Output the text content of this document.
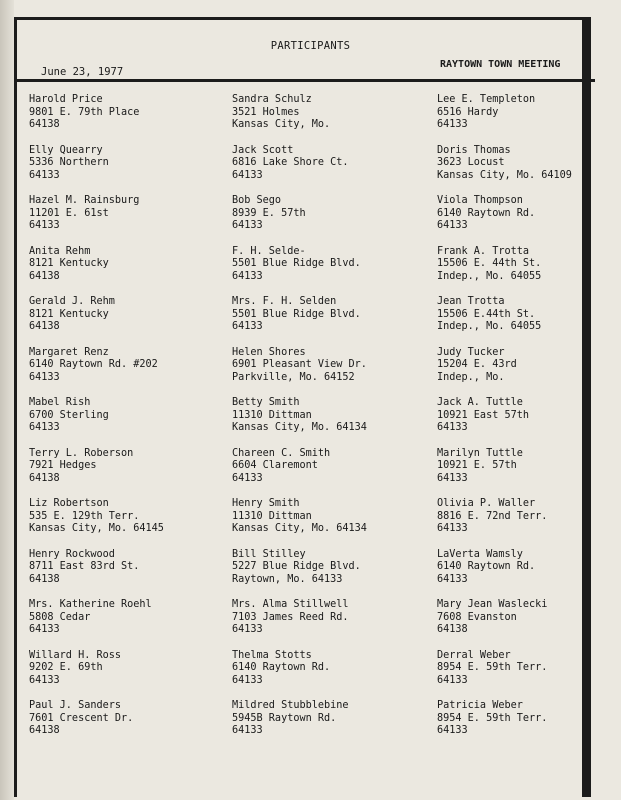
PARTICIPANTS
June 23, 1977
RAYTOWN TOWN MEETING
Harold Price
9801 E. 79th Place
64138
Elly Quearry
5336 Northern
64133
Hazel M. Rainsburg
11201 E. 61st
64133
Anita Rehm
8121 Kentucky
64138
Gerald J. Rehm
8121 Kentucky
64138
Margaret Renz
6140 Raytown Rd. #202
64133
Mabel Rish
6700 Sterling
64133
Terry L. Roberson
7921 Hedges
64138
Liz Robertson
535 E. 129th Terr.
Kansas City, Mo. 64145
Henry Rockwood
8711 East 83rd St.
64138
Mrs. Katherine Roehl
5808 Cedar
64133
Willard H. Ross
9202 E. 69th
64133
Paul J. Sanders
7601 Crescent Dr.
64138
Sandra Schulz
3521 Holmes
Kansas City, Mo.
Jack Scott
6816 Lake Shore Ct.
64133
Bob Sego
8939 E. 57th
64133
F. H. Selde-
5501 Blue Ridge Blvd.
64133
Mrs. F. H. Selden
5501 Blue Ridge Blvd.
64133
Helen Shores
6901 Pleasant View Dr.
Parkville, Mo. 64152
Betty Smith
11310 Dittman
Kansas City, Mo. 64134
Chareen C. Smith
6604 Claremont
64133
Henry Smith
11310 Dittman
Kansas City, Mo. 64134
Bill Stilley
5227 Blue Ridge Blvd.
Raytown, Mo. 64133
Mrs. Alma Stillwell
7103 James Reed Rd.
64133
Thelma Stotts
6140 Raytown Rd.
64133
Mildred Stubblebine
5945B Raytown Rd.
64133
Lee E. Templeton
6516 Hardy
64133
Doris Thomas
3623 Locust
Kansas City, Mo. 64109
Viola Thompson
6140 Raytown Rd.
64133
Frank A. Trotta
15506 E. 44th St.
Indep., Mo. 64055
Jean Trotta
15506 E.44th St.
Indep., Mo. 64055
Judy Tucker
15204 E. 43rd
Indep., Mo.
Jack A. Tuttle
10921 East 57th
64133
Marilyn Tuttle
10921 E. 57th
64133
Olivia P. Waller
8816 E. 72nd Terr.
64133
LaVerta Wamsly
6140 Raytown Rd.
64133
Mary Jean Waslecki
7608 Evanston
64138
Derral Weber
8954 E. 59th Terr.
64133
Patricia Weber
8954 E. 59th Terr.
64133
